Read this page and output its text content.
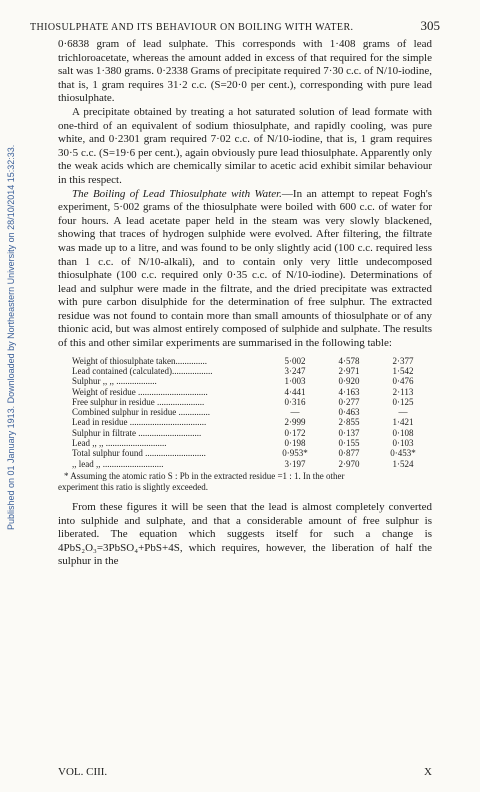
Published on 01 January 1913. Downloaded by Northeastern University on 28/10/2014 15:32:33.
THIOSULPHATE AND ITS BEHAVIOUR ON BOILING WITH WATER.	305

0·6838 gram of lead sulphate. This corresponds with 1·408 grams of lead trichloroacetate, whereas the amount added in excess of that required for the simple salt was 1·380 grams. 0·2338 Grams of precipitate required 7·30 c.c. of N/10-iodine, that is, 1 gram requires 31·2 c.c. (S=20·0 per cent.), corresponding with pure lead thiosulphate.

A precipitate obtained by treating a hot saturated solution of lead formate with one-third of an equivalent of sodium thiosulphate, and rapidly cooling, was pure white, and 0·2301 gram required 7·02 c.c. of N/10-iodine, that is, 1 gram requires 30·5 c.c. (S=19·6 per cent.), again obviously pure lead thiosulphate. Apparently only the weak acids which are chemically similar to acetic acid exhibit similar behaviour in this respect.

The Boiling of Lead Thiosulphate with Water.—In an attempt to repeat Fogh's experiment, 5·002 grams of the thiosulphate were boiled with 600 c.c. of water for four hours. A lead acetate paper held in the steam was very slowly blackened, showing that traces of hydrogen sulphide were evolved. After filtering, the filtrate was made up to a litre, and was found to be only slightly acid (100 c.c. required less than 1 c.c. of N/10-alkali), and to contain only very little undecomposed thiosulphate (100 c.c. required only 0·35 c.c. of N/10-iodine). Determinations of lead and sulphur were made in the filtrate, and the dried precipitate was extracted with pure carbon disulphide for the determination of free sulphur. The extracted residue was not found to contain more than small amounts of thiosulphate or of any thionic acid, but was almost entirely composed of sulphide and sulphate. The results of this and other similar experiments are summarised in the following table:

Weight of thiosulphate taken..............	5·002	4·578	2·377
Lead contained (calculated)..................	3·247	2·971	1·542
Sulphur ,, ,, ..................	1·003	0·920	0·476
Weight of residue ...............................	4·441	4·163	2·113
Free sulphur in residue .....................	0·316	0·277	0·125
Combined sulphur in residue ..............	—	0·463	—
Lead in residue ..................................	2·999	2·855	1·421
Sulphur in filtrate ............................	0·172	0·137	0·108
Lead ,, ,, ...........................	0·198	0·155	0·103
Total sulphur found ...........................	0·953*	0·877	0·453*
,, lead ,, ...........................	3·197	2·970	1·524
* Assuming the atomic ratio S : Pb in the extracted residue =1 : 1. In the other
experiment this ratio is slightly exceeded.

From these figures it will be seen that the lead is almost completely converted into sulphide and sulphate, and that a considerable amount of free sulphur is liberated. The equation which suggests itself for such a change is 4PbS₂O₃=3PbSO₄+PbS+4S, which requires, however, the liberation of half the sulphur in the

VOL. CIII.	X
